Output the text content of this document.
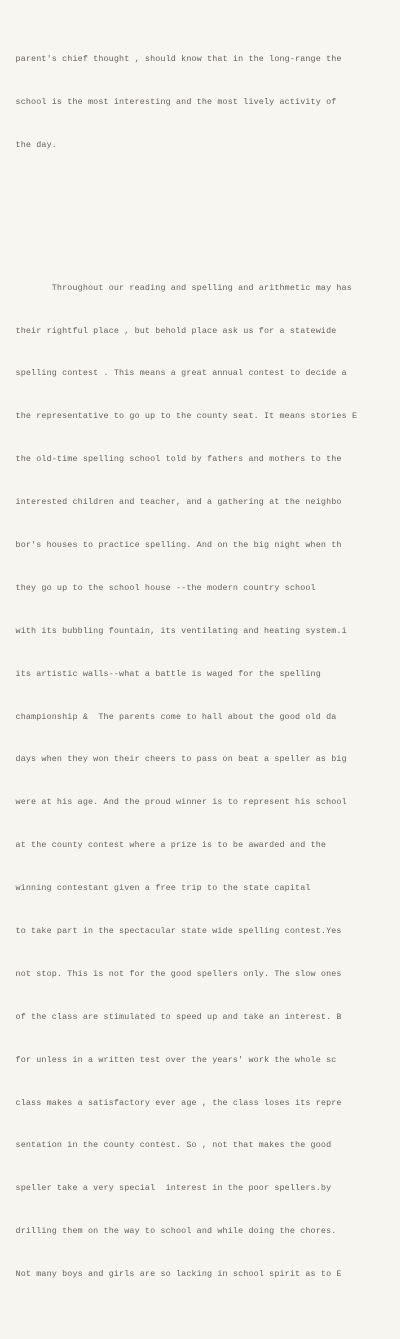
parent's chief thought , should know that in the long-range the

school is the most interesting and the most lively activity of

the day.

Throughout our reading and spelling and arithmetic may has

their rightful place , but behold place ask us for a statewide

spelling contest . This means a great annual contest to decide a

the representative to go up to the county seat. It means stories E

the old-time spelling school told by fathers and mothers to the

interested children and teacher, and a gathering at the neighbo

bor's houses to practice spelling. And on the big night when th

they go up to the school house --the modern country school

with its bubbling fountain, its ventilating and heating system.i

its artistic walls--what a battle is waged for the spelling

championship &  The parents come to hall about the good old da

days when they won their cheers to pass on beat a speller as big

were at his age. And the proud winner is to represent his school

at the county contest where a prize is to be awarded and the

winning contestant given a free trip to the state capital

to take part in the spectacular state wide spelling contest.Yes

not stop. This is not for the good spellers only. The slow ones

of the class are stimulated to speed up and take an interest. B

for unless in a written test over the years' work the whole sc

class makes a satisfactory ever age , the class loses its repre

sentation in the county contest. So , not that makes the good

speller take a very special  interest in the poor spellers.by

drilling them on the way to school and while doing the chores.

Not many boys and girls are so lacking in school spirit as to E
